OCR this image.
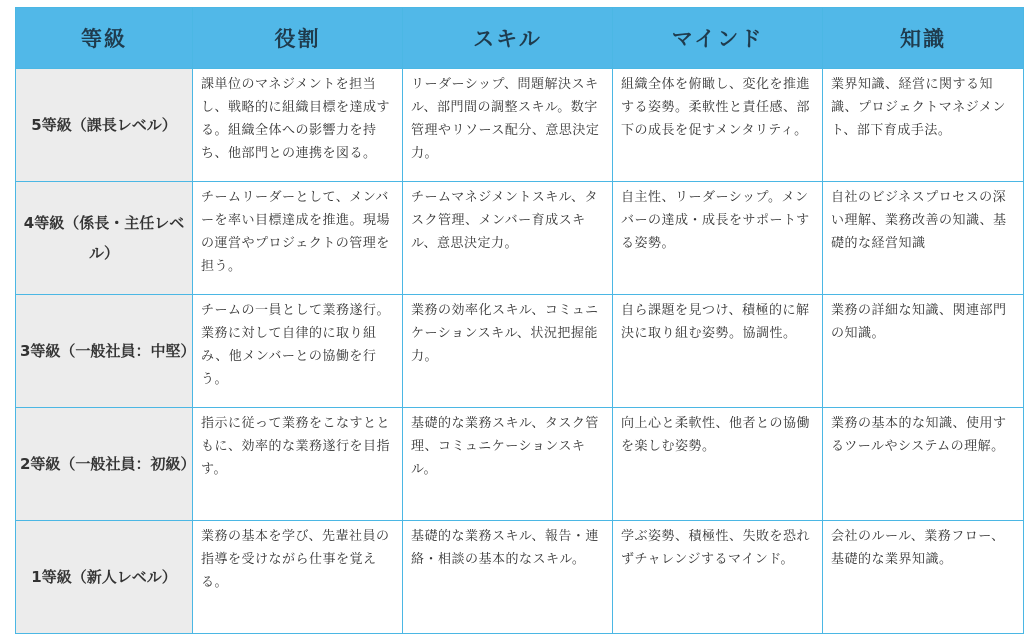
等級	役割	スキル	マインド	知識
5等級（課長レベル）	課単位のマネジメントを担当し、戦略的に組織目標を達成する。組織全体への影響力を持ち、他部門との連携を図る。	リーダーシップ、問題解決スキル、部門間の調整スキル。数字管理やリソース配分、意思決定力。	組織全体を俯瞰し、変化を推進する姿勢。柔軟性と責任感、部下の成長を促すメンタリティ。	業界知識、経営に関する知識、プロジェクトマネジメント、部下育成手法。
4等級（係長・主任レベル）	チームリーダーとして、メンバーを率い目標達成を推進。現場の運営やプロジェクトの管理を担う。	チームマネジメントスキル、タスク管理、メンバー育成スキル、意思決定力。	自主性、リーダーシップ。メンバーの達成・成長をサポートする姿勢。	自社のビジネスプロセスの深い理解、業務改善の知識、基礎的な経営知識
3等級（一般社員：中堅）	チームの一員として業務遂行。業務に対して自律的に取り組み、他メンバーとの協働を行う。	業務の効率化スキル、コミュニケーションスキル、状況把握能力。	自ら課題を見つけ、積極的に解決に取り組む姿勢。協調性。	業務の詳細な知識、関連部門の知識。
2等級（一般社員：初級）	指示に従って業務をこなすとともに、効率的な業務遂行を目指す。	基礎的な業務スキル、タスク管理、コミュニケーションスキル。	向上心と柔軟性、他者との協働を楽しむ姿勢。	業務の基本的な知識、使用するツールやシステムの理解。
1等級（新人レベル）	業務の基本を学び、先輩社員の指導を受けながら仕事を覚える。	基礎的な業務スキル、報告・連絡・相談の基本的なスキル。	学ぶ姿勢、積極性、失敗を恐れずチャレンジするマインド。	会社のルール、業務フロー、基礎的な業界知識。
